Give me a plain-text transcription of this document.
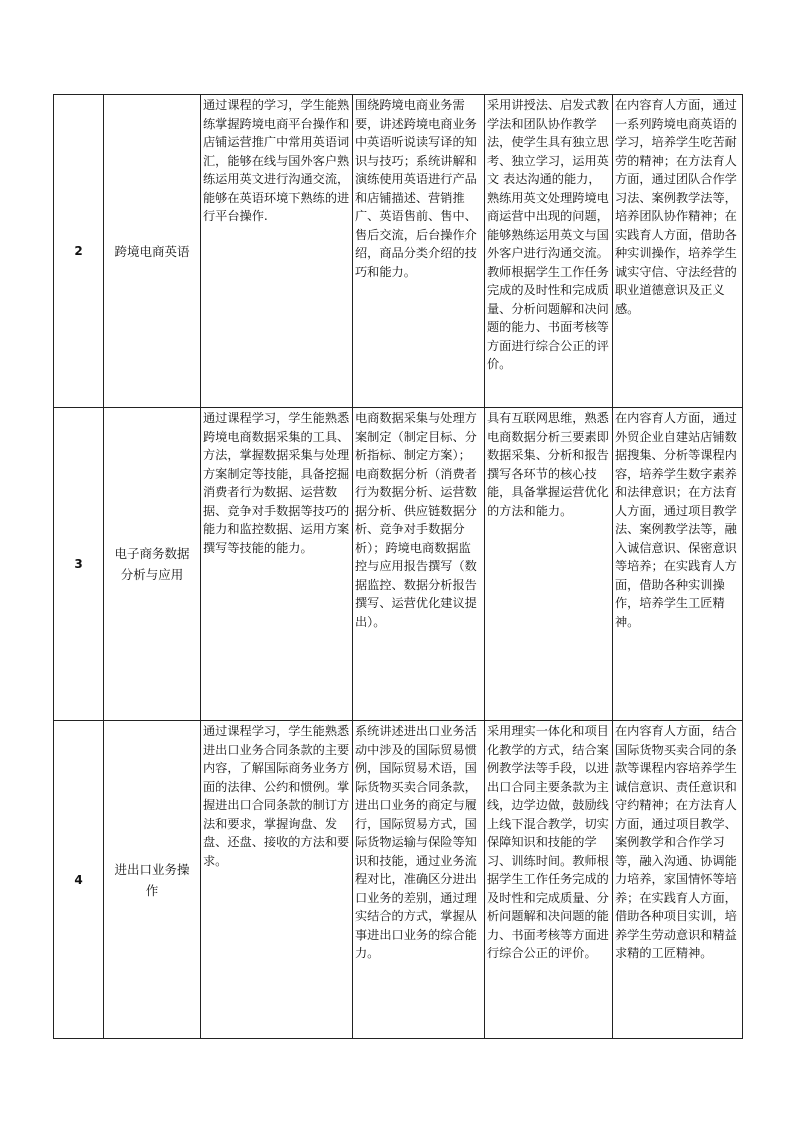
2	跨境电商英语	通过课程的学习，学生能熟练掌握跨境电商平台操作和店铺运营推广中常用英语词汇，能够在线与国外客户熟练运用英文进行沟通交流，能够在英语环境下熟练的进行平台操作.	围绕跨境电商业务需要，讲述跨境电商业务中英语听说读写译的知识与技巧；系统讲解和演练使用英语进行产品和店铺描述、营销推广、英语售前、售中、售后交流，后台操作介绍，商品分类介绍的技巧和能力。	采用讲授法、启发式教学法和团队协作教学法，使学生具有独立思考、独立学习，运用英文 表达沟通的能力，熟练用英文处理跨境电商运营中出现的问题，能够熟练运用英文与国外客户进行沟通交流。教师根据学生工作任务完成的及时性和完成质量、分析问题解和决问题的能力、书面考核等方面进行综合公正的评价。	在内容育人方面，通过一系列跨境电商英语的学习，培养学生吃苦耐劳的精神；在方法育人方面，通过团队合作学习法、案例教学法等，培养团队协作精神；在实践育人方面，借助各种实训操作，培养学生诚实守信、守法经营的职业道德意识及正义感。
3	电子商务数据分析与应用	通过课程学习，学生能熟悉跨境电商数据采集的工具、方法，掌握数据采集与处理方案制定等技能，具备挖掘消费者行为数据、运营数据、竞争对手数据等技巧的能力和监控数据、运用方案撰写等技能的能力。	电商数据采集与处理方案制定（制定目标、分析指标、制定方案）；电商数据分析（消费者行为数据分析、运营数据分析、供应链数据分析、竞争对手数据分析）；跨境电商数据监控与应用报告撰写（数据监控、数据分析报告撰写、运营优化建议提出）。	具有互联网思维，熟悉电商数据分析三要素即数据采集、分析和报告撰写各环节的核心技能，具备掌握运营优化的方法和能力。	在内容育人方面，通过外贸企业自建站店铺数据搜集、分析等课程内容，培养学生数字素养和法律意识；在方法育人方面，通过项目教学法、案例教学法等，融入诚信意识、保密意识等培养；在实践育人方面，借助各种实训操作，培养学生工匠精神。
4	进出口业务操作	通过课程学习，学生能熟悉进出口业务合同条款的主要内容，了解国际商务业务方面的法律、公约和惯例。掌握进出口合同条款的制订方法和要求，掌握询盘、发盘、还盘、接收的方法和要求。	系统讲述进出口业务活动中涉及的国际贸易惯例，国际贸易术语，国际货物买卖合同条款，进出口业务的商定与履行，国际贸易方式，国际货物运输与保险等知识和技能，通过业务流程对比，准确区分进出口业务的差别，通过理实结合的方式，掌握从事进出口业务的综合能力。	采用理实一体化和项目化教学的方式，结合案例教学法等手段，以进出口合同主要条款为主线，边学边做，鼓励线上线下混合教学，切实保障知识和技能的学习、训练时间。教师根据学生工作任务完成的及时性和完成质量、分析问题解和决问题的能力、书面考核等方面进行综合公正的评价。	在内容育人方面，结合国际货物买卖合同的条款等课程内容培养学生诚信意识、责任意识和守约精神；在方法育人方面，通过项目教学、案例教学和合作学习等，融入沟通、协调能力培养，家国情怀等培养；在实践育人方面，借助各种项目实训，培养学生劳动意识和精益求精的工匠精神。
